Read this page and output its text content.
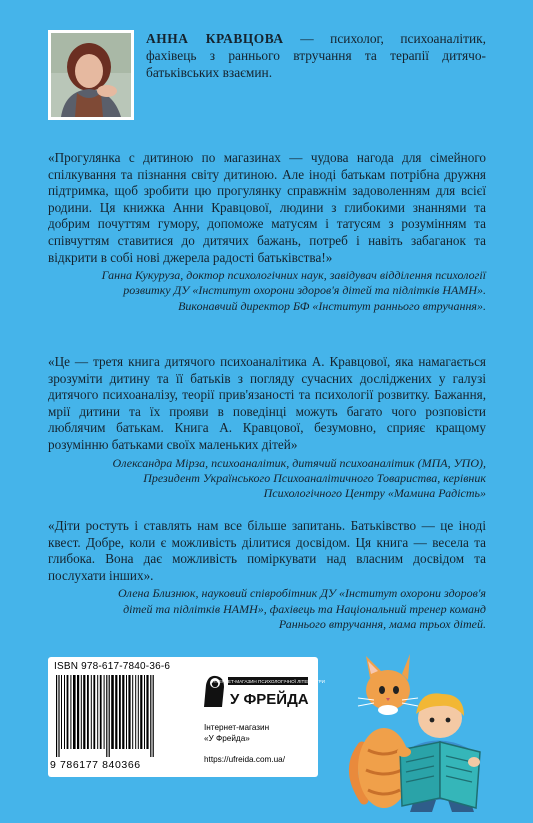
АННА КРАВЦОВА — психолог, психоаналітик, фахівець з раннього втручання та терапії дитячо-батьківських взаємин.

«Прогулянка с дитиною по магазинах — чудова нагода для сімейного спілкування та пізнання світу дитиною. Але іноді батькам потрібна дружня підтримка, щоб зробити цю прогулянку справжнім задоволенням для всієї родини. Ця книжка Анни Кравцової, людини з глибокими знаннями та добрим почуттям гумору, допоможе матусям і татусям з розумінням та співчуттям ставитися до дитячих бажань, потреб і навіть забаганок та відкрити в собі нові джерела радості батьківства!»

Ганна Кукуруза, доктор психологічних наук, завідувач відділення психології
розвитку ДУ «Інститут охорони здоров'я дітей та підлітків НАМН».
Виконавчий директор БФ «Інститут раннього втручання».

«Це — третя книга дитячого психоаналітика А. Кравцової, яка намагається зрозуміти дитину та її батьків з погляду сучасних досліджених у галузі дитячого психоаналізу, теорії прив'язаності та психології розвитку. Бажання, мрії дитини та їх прояви в поведінці можуть багато чого розповісти люблячим батькам. Книга А. Кравцової, безумовно, сприяє кращому розумінню батьками своїх маленьких дітей»

Олександра Мірза, психоаналітик, дитячий психоаналітик (МПА, УПО),
Президент Українського Психоаналітичного Товариства, керівник
Психологічного Центру «Мамина Радість»

«Діти ростуть і ставлять нам все більше запитань. Батьківство — це іноді квест. Добре, коли є можливість ділитися досвідом. Ця книга — весела та глибока. Вона дає можливість поміркувати над власним досвідом та послухати інших».

Олена Близнюк, науковий співробітник ДУ «Інститут охорони здоров'я
дітей та підлітків НАМН», фахівець та Національний тренер команд
Раннього втручання, мама трьох дітей.
ISBN 978-617-7840-36-6
9 786177 840366
ІНТЕРНЕТ-МАГАЗИН ПСИХОЛОГІЧНОЇ ЛІТЕРАТУРИ
У ФРЕЙДА
Інтернет-магазин
«У Фрейда»
https://ufreida.com.ua/
